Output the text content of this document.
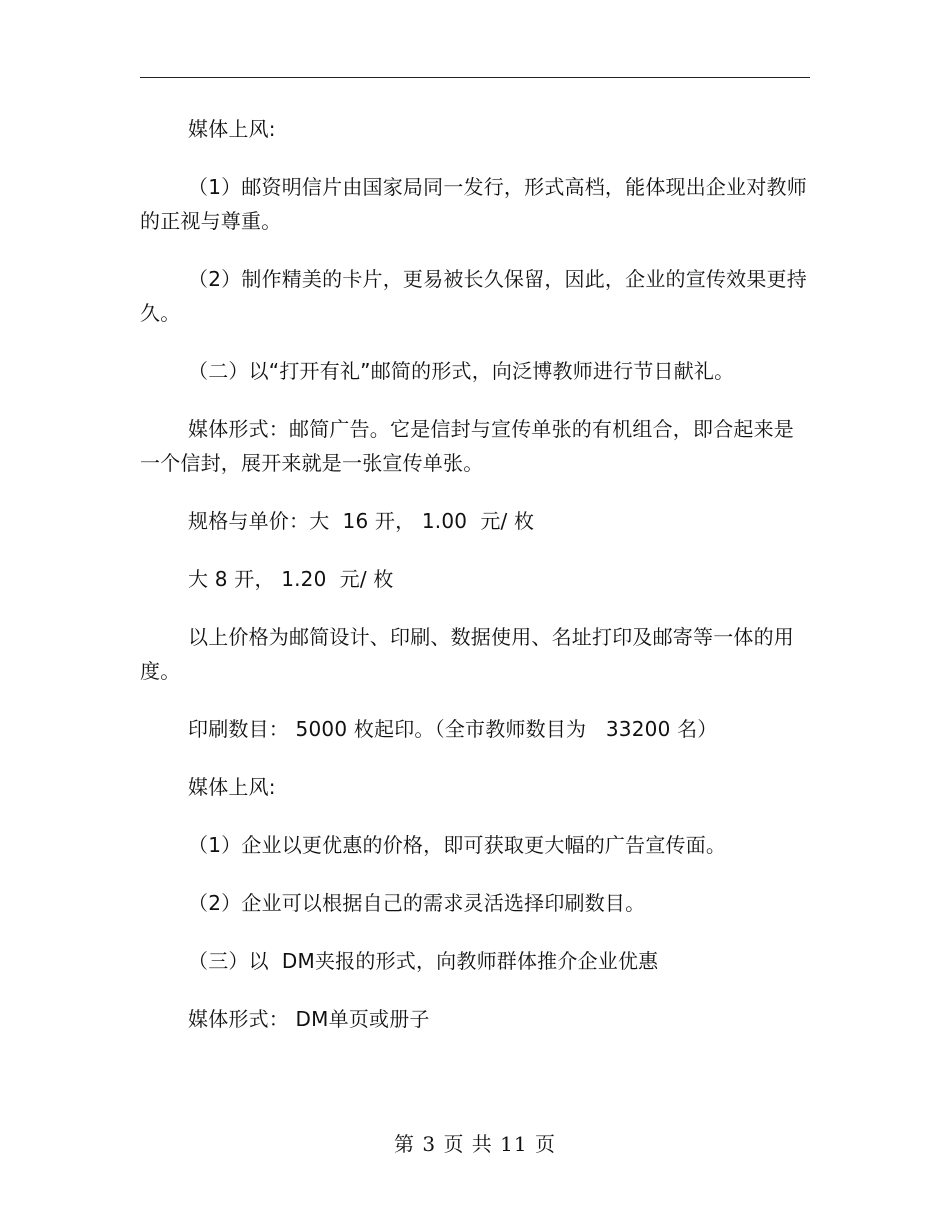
媒体上风:

（1）邮资明信片由国家局同一发行，形式高档，能体现出企业对教师的正视与尊重。

（2）制作精美的卡片，更易被长久保留，因此，企业的宣传效果更持久。

（二）以“打开有礼”邮简的形式，向泛博教师进行节日献礼。

媒体形式：邮简广告。它是信封与宣传单张的有机组合，即合起来是一个信封，展开来就是一张宣传单张。

规格与单价：大  16 开， 1.00  元/ 枚

大 8 开， 1.20  元/ 枚

以上价格为邮简设计、印刷、数据使用、名址打印及邮寄等一体的用度。

印刷数目： 5000 枚起印。（全市教师数目为   33200 名）

媒体上风:

（1）企业以更优惠的价格，即可获取更大幅的广告宣传面。

（2）企业可以根据自己的需求灵活选择印刷数目。

（三）以  DM夹报的形式，向教师群体推介企业优惠

媒体形式： DM单页或册子

第 3 页 共 11 页
